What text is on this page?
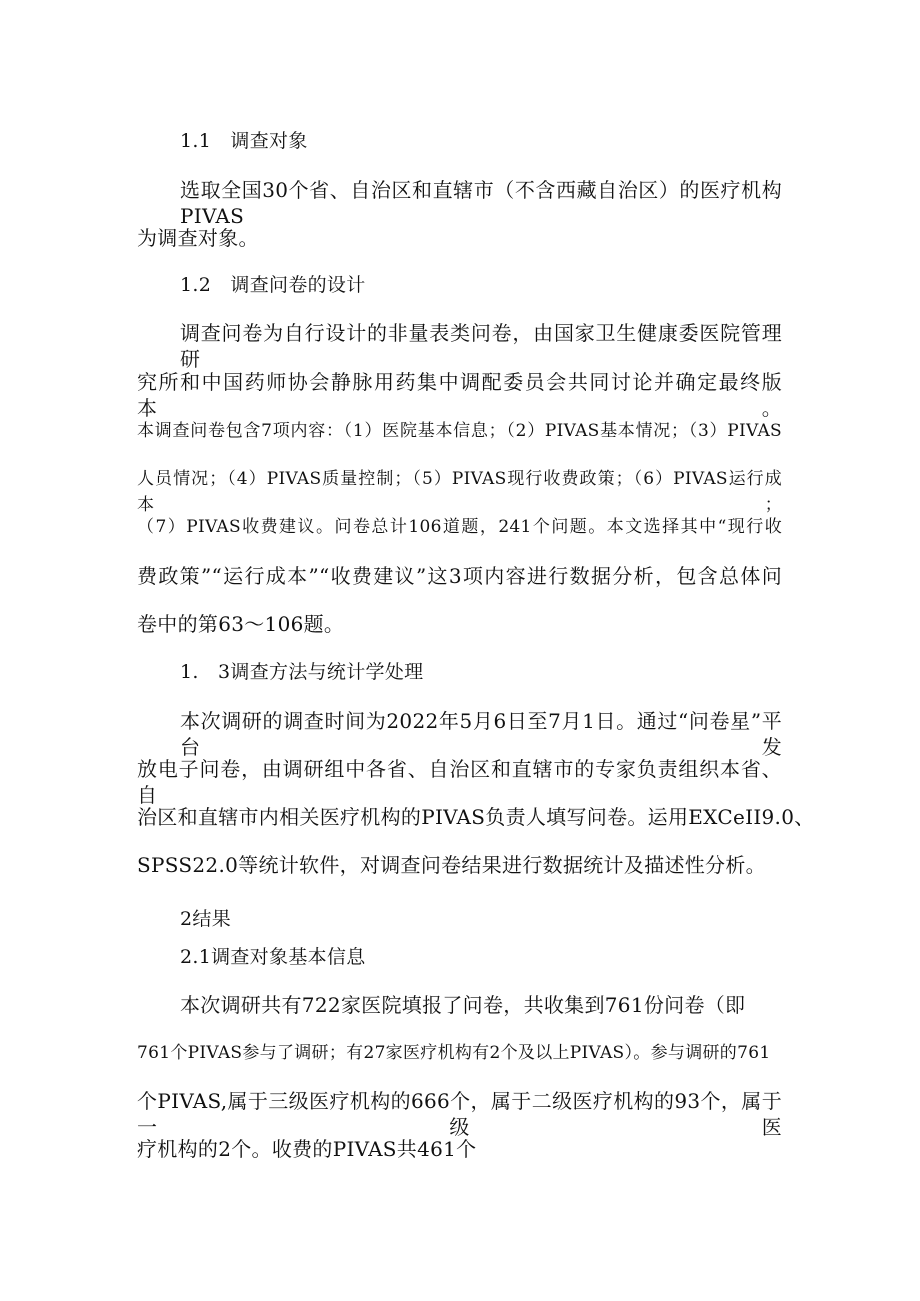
1.1　调查对象
选取全国30个省、自治区和直辖市（不含西藏自治区）的医疗机构PIVAS
为调查对象。
1.2　调查问卷的设计
调查问卷为自行设计的非量表类问卷，由国家卫生健康委医院管理研
究所和中国药师协会静脉用药集中调配委员会共同讨论并确定最终版本。
本调查问卷包含7项内容：（1）医院基本信息；（2）PIVAS基本情况；（3）PIVAS
人员情况；（4）PIVAS质量控制；（5）PIVAS现行收费政策；（6）PIVAS运行成本；
（7）PIVAS收费建议。问卷总计106道题，241个问题。本文选择其中“现行收
费政策”“运行成本”“收费建议”这3项内容进行数据分析，包含总体问
卷中的第63～106题。
1.　3调查方法与统计学处理
本次调研的调查时间为2022年5月6日至7月1日。通过“问卷星”平台发
放电子问卷，由调研组中各省、自治区和直辖市的专家负责组织本省、自
治区和直辖市内相关医疗机构的PIVAS负责人填写问卷。运用EXCeII9.0、
SPSS22.0等统计软件，对调查问卷结果进行数据统计及描述性分析。
2结果
2.1调查对象基本信息
本次调研共有722家医院填报了问卷，共收集到761份问卷（即
761个PIVAS参与了调研；有27家医疗机构有2个及以上PIVAS）。参与调研的761
个PIVAS,属于三级医疗机构的666个，属于二级医疗机构的93个，属于一级医
疗机构的2个。收费的PIVAS共461个
